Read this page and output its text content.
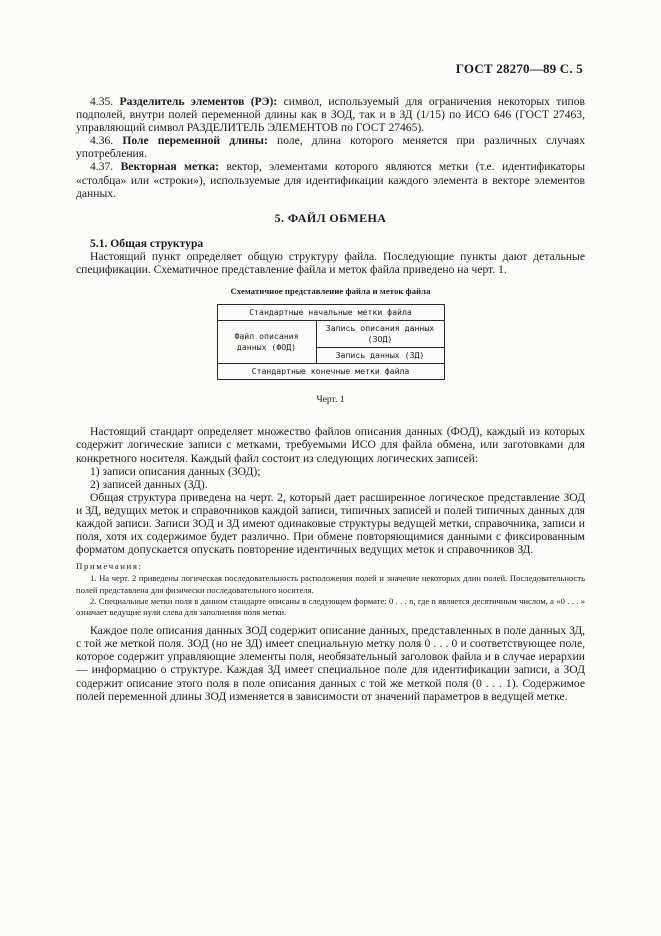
ГОСТ 28270—89 С. 5

4.35. Разделитель элементов (РЭ): символ, используемый для ограничения некоторых типов подполей, внутри полей переменной длины как в ЗОД, так и в ЗД (1/15) по ИСО 646 (ГОСТ 27463, управляющий символ РАЗДЕЛИТЕЛЬ ЭЛЕМЕНТОВ по ГОСТ 27465).

4.36. Поле переменной длины: поле, длина которого меняется при различных случаях употребления.

4.37. Векторная метка: вектор, элементами которого являются метки (т.е. идентификаторы «столбца» или «строки»), используемые для идентификации каждого элемента в векторе элементов данных.

5. ФАЙЛ ОБМЕНА

5.1. Общая структура

Настоящий пункт определяет общую структуру файла. Последующие пункты дают детальные спецификации. Схематичное представление файла и меток файла приведено на черт. 1.

Схематичное представление файла и меток файла
Стандартные начальные метки файла
Файл описания данных (ФОД)	Запись описания данных (ЗОД)
Запись данных (ЗД)
Стандартные конечные метки файла
Черт. 1

Настоящий стандарт определяет множество файлов описания данных (ФОД), каждый из которых содержит логические записи с метками, требуемыми ИСО для файла обмена, или заготовками для конкретного носителя. Каждый файл состоит из следующих логических записей:

1) записи описания данных (ЗОД);
2) записей данных (ЗД).

Общая структура приведена на черт. 2, который дает расширенное логическое представление ЗОД и ЗД, ведущих меток и справочников каждой записи, типичных записей и полей типичных данных для каждой записи. Записи ЗОД и ЗД имеют одинаковые структуры ведущей метки, справочника, записи и поля, хотя их содержимое будет различно. При обмене повторяющимися данными с фиксированным форматом допускается опускать повторение идентичных ведущих меток и справочников ЗД.

Примечания:

1. На черт. 2 приведены логическая последовательность расположения полей и значение некоторых длин полей. Последовательность полей представлена для физически последовательного носителя.

2. Специальные метки поля в данном стандарте описаны в следующем формате: 0 . . . n, где n является десятичным числом, а «0 . . . » означает ведущие нули слева для заполнения поля метки.

Каждое поле описания данных ЗОД содержит описание данных, представленных в поле данных ЗД, с той же меткой поля. ЗОД (но не ЗД) имеет специальную метку поля 0 . . . 0 и соответствующее поле, которое содержит управляющие элементы поля, необязательный заголовок файла и в случае иерархии — информацию о структуре. Каждая ЗД имеет специальное поле для идентификации записи, а ЗОД содержит описание этого поля в поле описания данных с той же меткой поля (0 . . . 1). Содержимое полей переменной длины ЗОД изменяется в зависимости от значений параметров в ведущей метке.
